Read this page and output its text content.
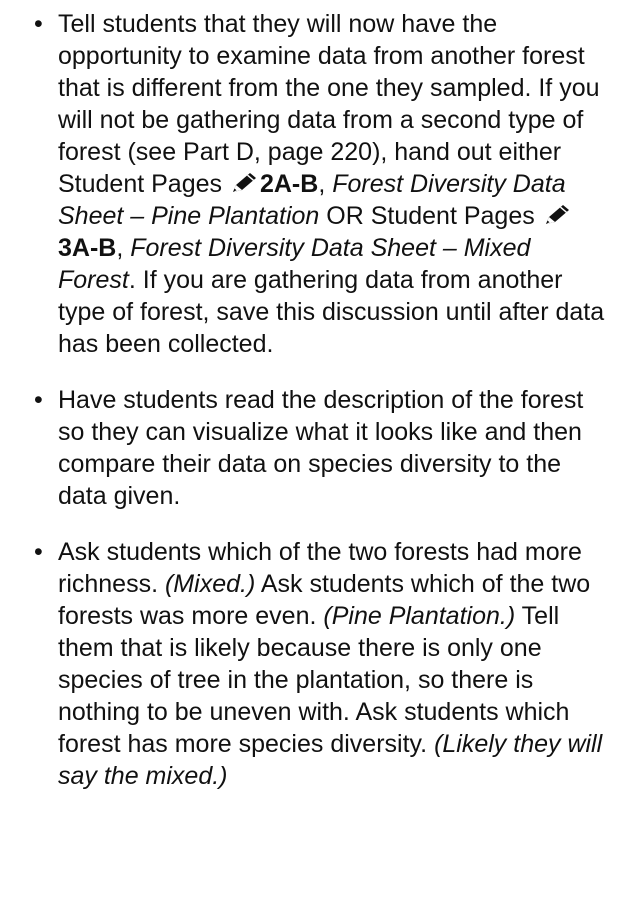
• Tell students that they will now have the opportunity to examine data from another forest that is different from the one they sampled. If you will not be gathering data from a second type of forest (see Part D, page 220), hand out either Student Pages
2A-B, Forest Diversity Data Sheet – Pine Plantation OR Student Pages
3A-B, Forest Diversity Data Sheet – Mixed Forest. If you are gathering data from another type of forest, save this discussion until after data has been collected.
• Have students read the description of the forest so they can visualize what it looks like and then compare their data on species diversity to the data given.
• Ask students which of the two forests had more richness. (Mixed.) Ask students which of the two forests was more even. (Pine Plantation.) Tell them that is likely because there is only one species of tree in the plantation, so there is nothing to be uneven with. Ask students which forest has more species diversity. (Likely they will say the mixed.)
